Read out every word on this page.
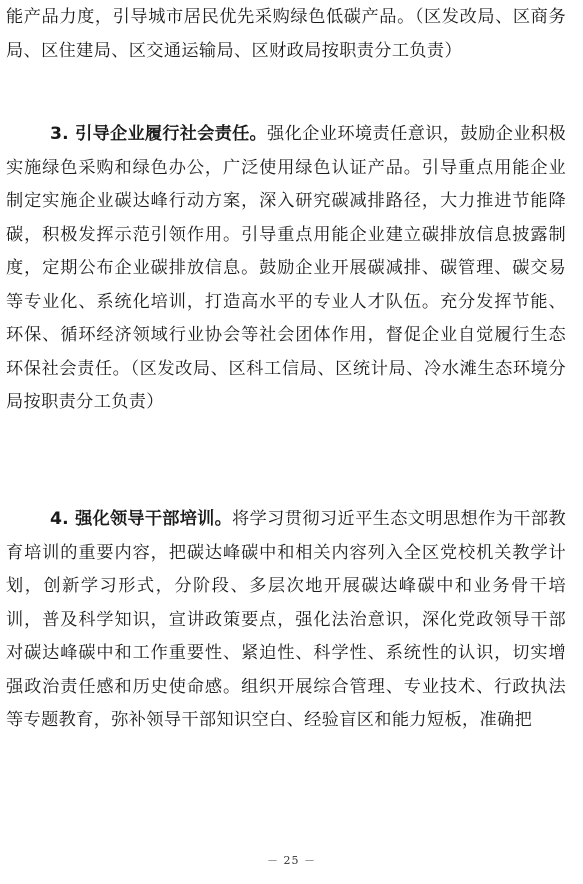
能产品力度，引导城市居民优先采购绿色低碳产品。（区发改局、区商务局、区住建局、区交通运输局、区财政局按职责分工负责）

3. 引导企业履行社会责任。强化企业环境责任意识，鼓励企业积极实施绿色采购和绿色办公，广泛使用绿色认证产品。引导重点用能企业制定实施企业碳达峰行动方案，深入研究碳减排路径，大力推进节能降碳，积极发挥示范引领作用。引导重点用能企业建立碳排放信息披露制度，定期公布企业碳排放信息。鼓励企业开展碳减排、碳管理、碳交易等专业化、系统化培训，打造高水平的专业人才队伍。充分发挥节能、环保、循环经济领域行业协会等社会团体作用，督促企业自觉履行生态环保社会责任。（区发改局、区科工信局、区统计局、冷水滩生态环境分局按职责分工负责）

4. 强化领导干部培训。将学习贯彻习近平生态文明思想作为干部教育培训的重要内容，把碳达峰碳中和相关内容列入全区党校机关教学计划，创新学习形式，分阶段、多层次地开展碳达峰碳中和业务骨干培训，普及科学知识，宣讲政策要点，强化法治意识，深化党政领导干部对碳达峰碳中和工作重要性、紧迫性、科学性、系统性的认识，切实增强政治责任感和历史使命感。组织开展综合管理、专业技术、行政执法等专题教育，弥补领导干部知识空白、经验盲区和能力短板，准确把

－ 25 －
